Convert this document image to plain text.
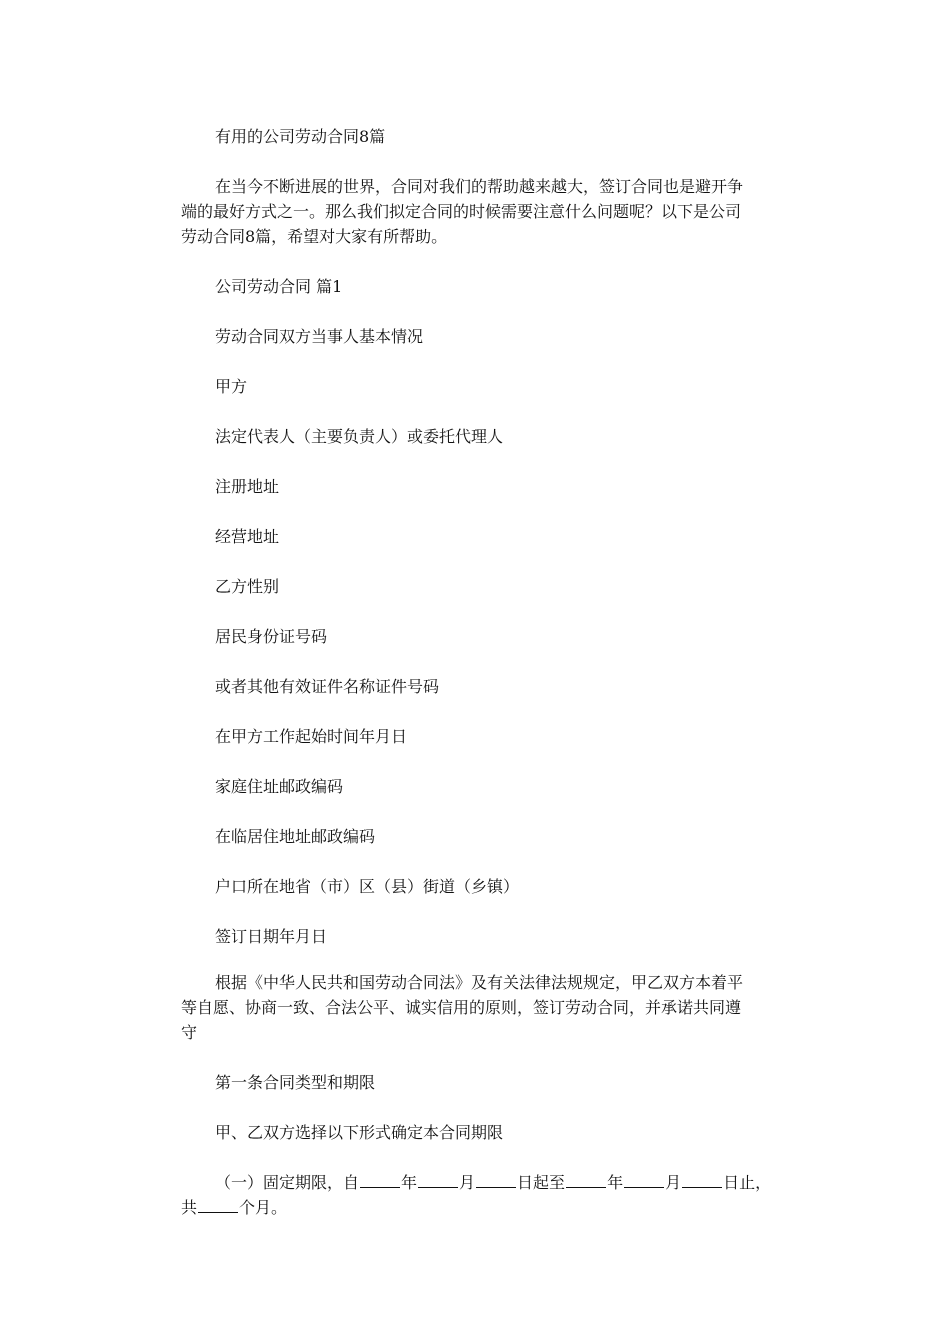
有用的公司劳动合同8篇

在当今不断进展的世界，合同对我们的帮助越来越大，签订合同也是避开争
端的最好方式之一。那么我们拟定合同的时候需要注意什么问题呢？以下是公司
劳动合同8篇，希望对大家有所帮助。

公司劳动合同 篇1

劳动合同双方当事人基本情况

甲方

法定代表人（主要负责人）或委托代理人

注册地址

经营地址

乙方性别

居民身份证号码

或者其他有效证件名称证件号码

在甲方工作起始时间年月日

家庭住址邮政编码

在临居住地址邮政编码

户口所在地省（市）区（县）街道（乡镇）

签订日期年月日

根据《中华人民共和国劳动合同法》及有关法律法规规定，甲乙双方本着平
等自愿、协商一致、合法公平、诚实信用的原则，签订劳动合同，并承诺共同遵
守

第一条合同类型和期限

甲、乙双方选择以下形式确定本合同期限

（一）固定期限，自	年	月	日起至	年	月	日止，
共	个月。
